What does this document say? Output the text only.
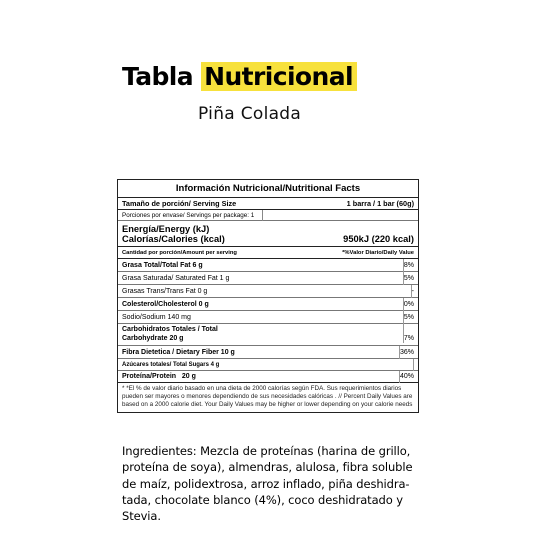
Tabla Nutricional
Piña Colada
Información Nutricional/Nutritional Facts
Tamaño de porción/ Serving Size	1 barra / 1 bar (60g)
Porciones por envase/ Servings per package: 1
Energía/Energy (kJ)
Calorías/Calories (kcal)	950kJ (220 kcal)
Cantidad por porción/Amount per serving	*%Valor Diario/Daily Value
Grasa Total/Total Fat 6 g	8%
Grasa Saturada/ Saturated Fat 1 g	5%
Grasas Trans/Trans Fat 0 g	-
Colesterol/Cholesterol 0 g	0%
Sodio/Sodium 140 mg	5%
Carbohidratos Totales / Total
Carbohydrate 20 g	7%
Fibra Dietetica / Dietary Fiber 10 g	36%
Azúcares totales/ Total Sugars 4 g
Proteína/Protein   20 g	40%
* *El % de valor diario basado en una dieta de 2000 calorías según FDA. Sus requerimientos diarios pueden ser mayores o menores dependiendo de sus necesidades calóricas . // Percent Daily Values are based on a 2000 calorie diet. Your Daily Values may be higher or lower depending on your calorie needs
Ingredientes: Mezcla de proteínas (harina de grillo, proteína de soya), almendras, alulosa, fibra soluble de maíz, polidextrosa, arroz inflado, piña deshidra-tada, chocolate blanco (4%), coco deshidratado y Stevia.
